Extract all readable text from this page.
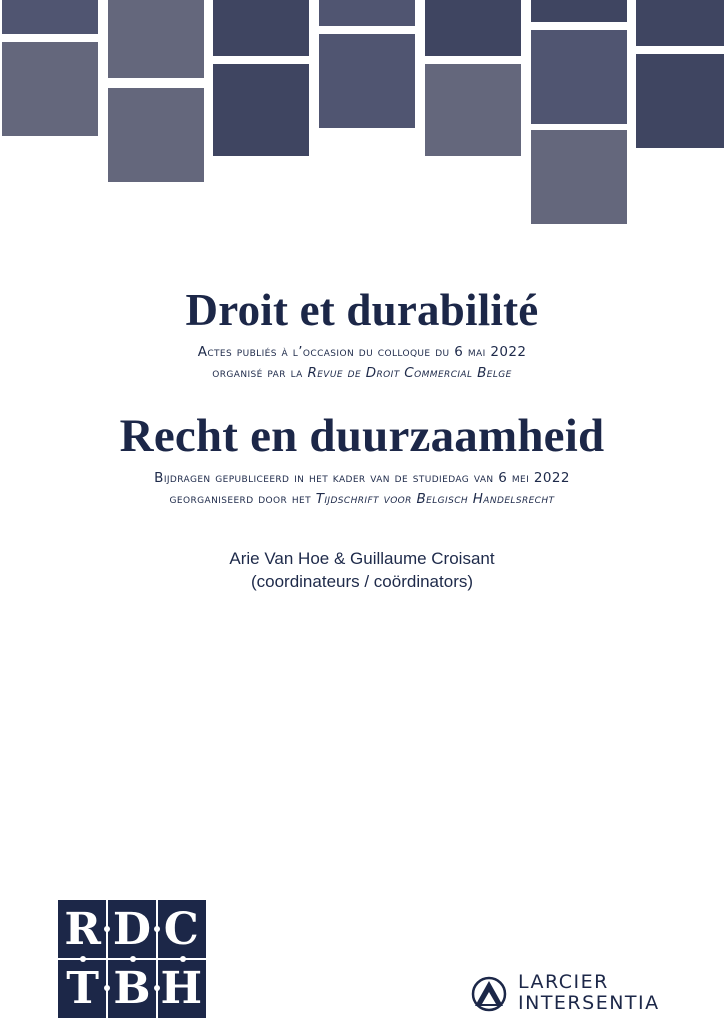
Droit et durabilité

Actes publiés à l’occasion du colloque du 6 mai 2022

organisé par la Revue de Droit Commercial Belge

Recht en duurzaamheid

Bijdragen gepubliceerd in het kader van de studiedag van 6 mei 2022

georganiseerd door het Tijdschrift voor Belgisch Handelsrecht

Arie Van Hoe & Guillaume Croisant
(coordinateurs / coördinators)
R D C
T B H	LARCIER
INTERSENTIA
